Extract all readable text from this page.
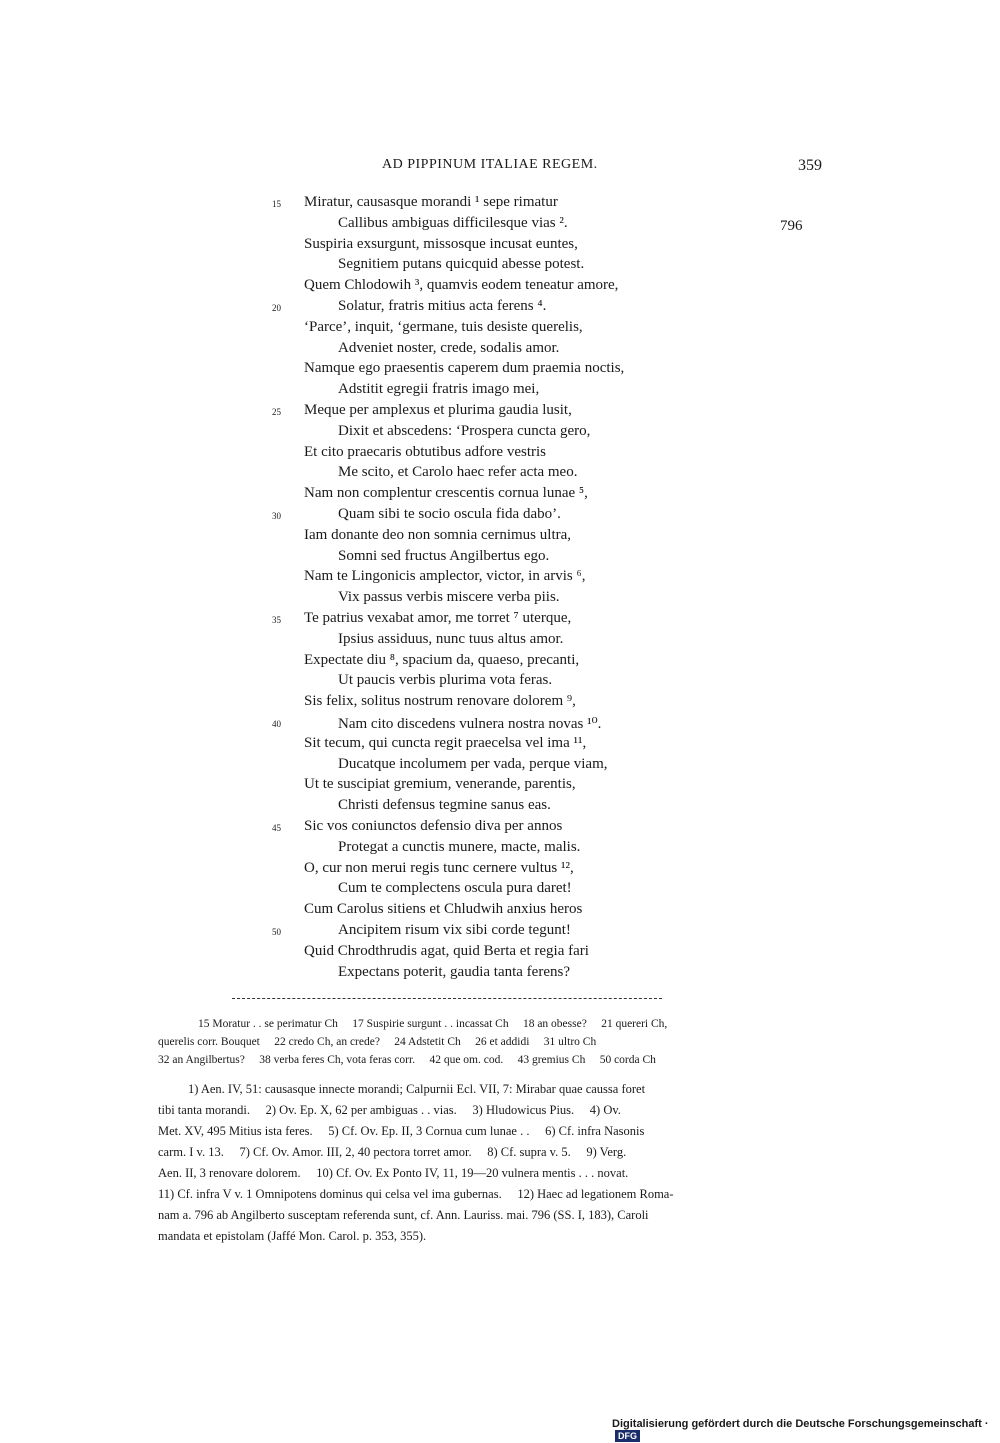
AD PIPPINUM ITALIAE REGEM.	359
796
Miratur, causasque morandi ¹ sepe rimatur
15
Callibus ambiguas difficilesque vias ².
Suspiria exsurgunt, missosque incusat euntes,
Segnitiem putans quicquid abesse potest.
Quem Chlodowih ³, quamvis eodem teneatur amore,
Solatur, fratris mitius acta ferens ⁴.
20
‘Parce’, inquit, ‘germane, tuis desiste querelis,
Adveniet noster, crede, sodalis amor.
Namque ego praesentis caperem dum praemia noctis,
Adstitit egregii fratris imago mei,
Meque per amplexus et plurima gaudia lusit,
25
Dixit et abscedens: ‘Prospera cuncta gero,
Et cito praecaris obtutibus adfore vestris
Me scito, et Carolo haec refer acta meo.
Nam non complentur crescentis cornua lunae ⁵,
Quam sibi te socio oscula fida dabo’.
30
Iam donante deo non somnia cernimus ultra,
Somni sed fructus Angilbertus ego.
Nam te Lingonicis amplector, victor, in arvis ⁶,
Vix passus verbis miscere verba piis.
Te patrius vexabat amor, me torret ⁷ uterque,
35
Ipsius assiduus, nunc tuus altus amor.
Expectate diu ⁸, spacium da, quaeso, precanti,
Ut paucis verbis plurima vota feras.
Sis felix, solitus nostrum renovare dolorem ⁹,
Nam cito discedens vulnera nostra novas ¹⁰.
40
Sit tecum, qui cuncta regit praecelsa vel ima ¹¹,
Ducatque incolumem per vada, perque viam,
Ut te suscipiat gremium, venerande, parentis,
Christi defensus tegmine sanus eas.
Sic vos coniunctos defensio diva per annos
45
Protegat a cunctis munere, macte, malis.
O, cur non merui regis tunc cernere vultus ¹²,
Cum te complectens oscula pura daret!
Cum Carolus sitiens et Chludwih anxius heros
Ancipitem risum vix sibi corde tegunt!
50
Quid Chrodthrudis agat, quid Berta et regia fari
Expectans poterit, gaudia tanta ferens?
15 Moratur . . se perimatur Ch     17 Suspirie surgunt . . incassat Ch     18 an obesse?     21 quereri Ch,
querelis corr. Bouquet     22 credo Ch, an crede?     24 Adstetit Ch     26 et addidi     31 ultro Ch
32 an Angilbertus?     38 verba feres Ch, vota feras corr.     42 que om. cod.     43 gremius Ch     50 corda Ch
1) Aen. IV, 51: causasque innecte morandi; Calpurnii Ecl. VII, 7: Mirabar quae caussa foret
tibi tanta morandi.     2) Ov. Ep. X, 62 per ambiguas . . vias.     3) Hludowicus Pius.     4) Ov.
Met. XV, 495 Mitius ista feres.     5) Cf. Ov. Ep. II, 3 Cornua cum lunae . .     6) Cf. infra Nasonis
carm. I v. 13.     7) Cf. Ov. Amor. III, 2, 40 pectora torret amor.     8) Cf. supra v. 5.     9) Verg.
Aen. II, 3 renovare dolorem.     10) Cf. Ov. Ex Ponto IV, 11, 19—20 vulnera mentis . . . novat.
11) Cf. infra V v. 1 Omnipotens dominus qui celsa vel ima gubernas.     12) Haec ad legationem Roma-
nam a. 796 ab Angilberto susceptam referenda sunt, cf. Ann. Lauriss. mai. 796 (SS. I, 183), Caroli
mandata et epistolam (Jaffé Mon. Carol. p. 353, 355).
Digitalisierung gefördert durch die Deutsche Forschungsgemeinschaft ·DFG
